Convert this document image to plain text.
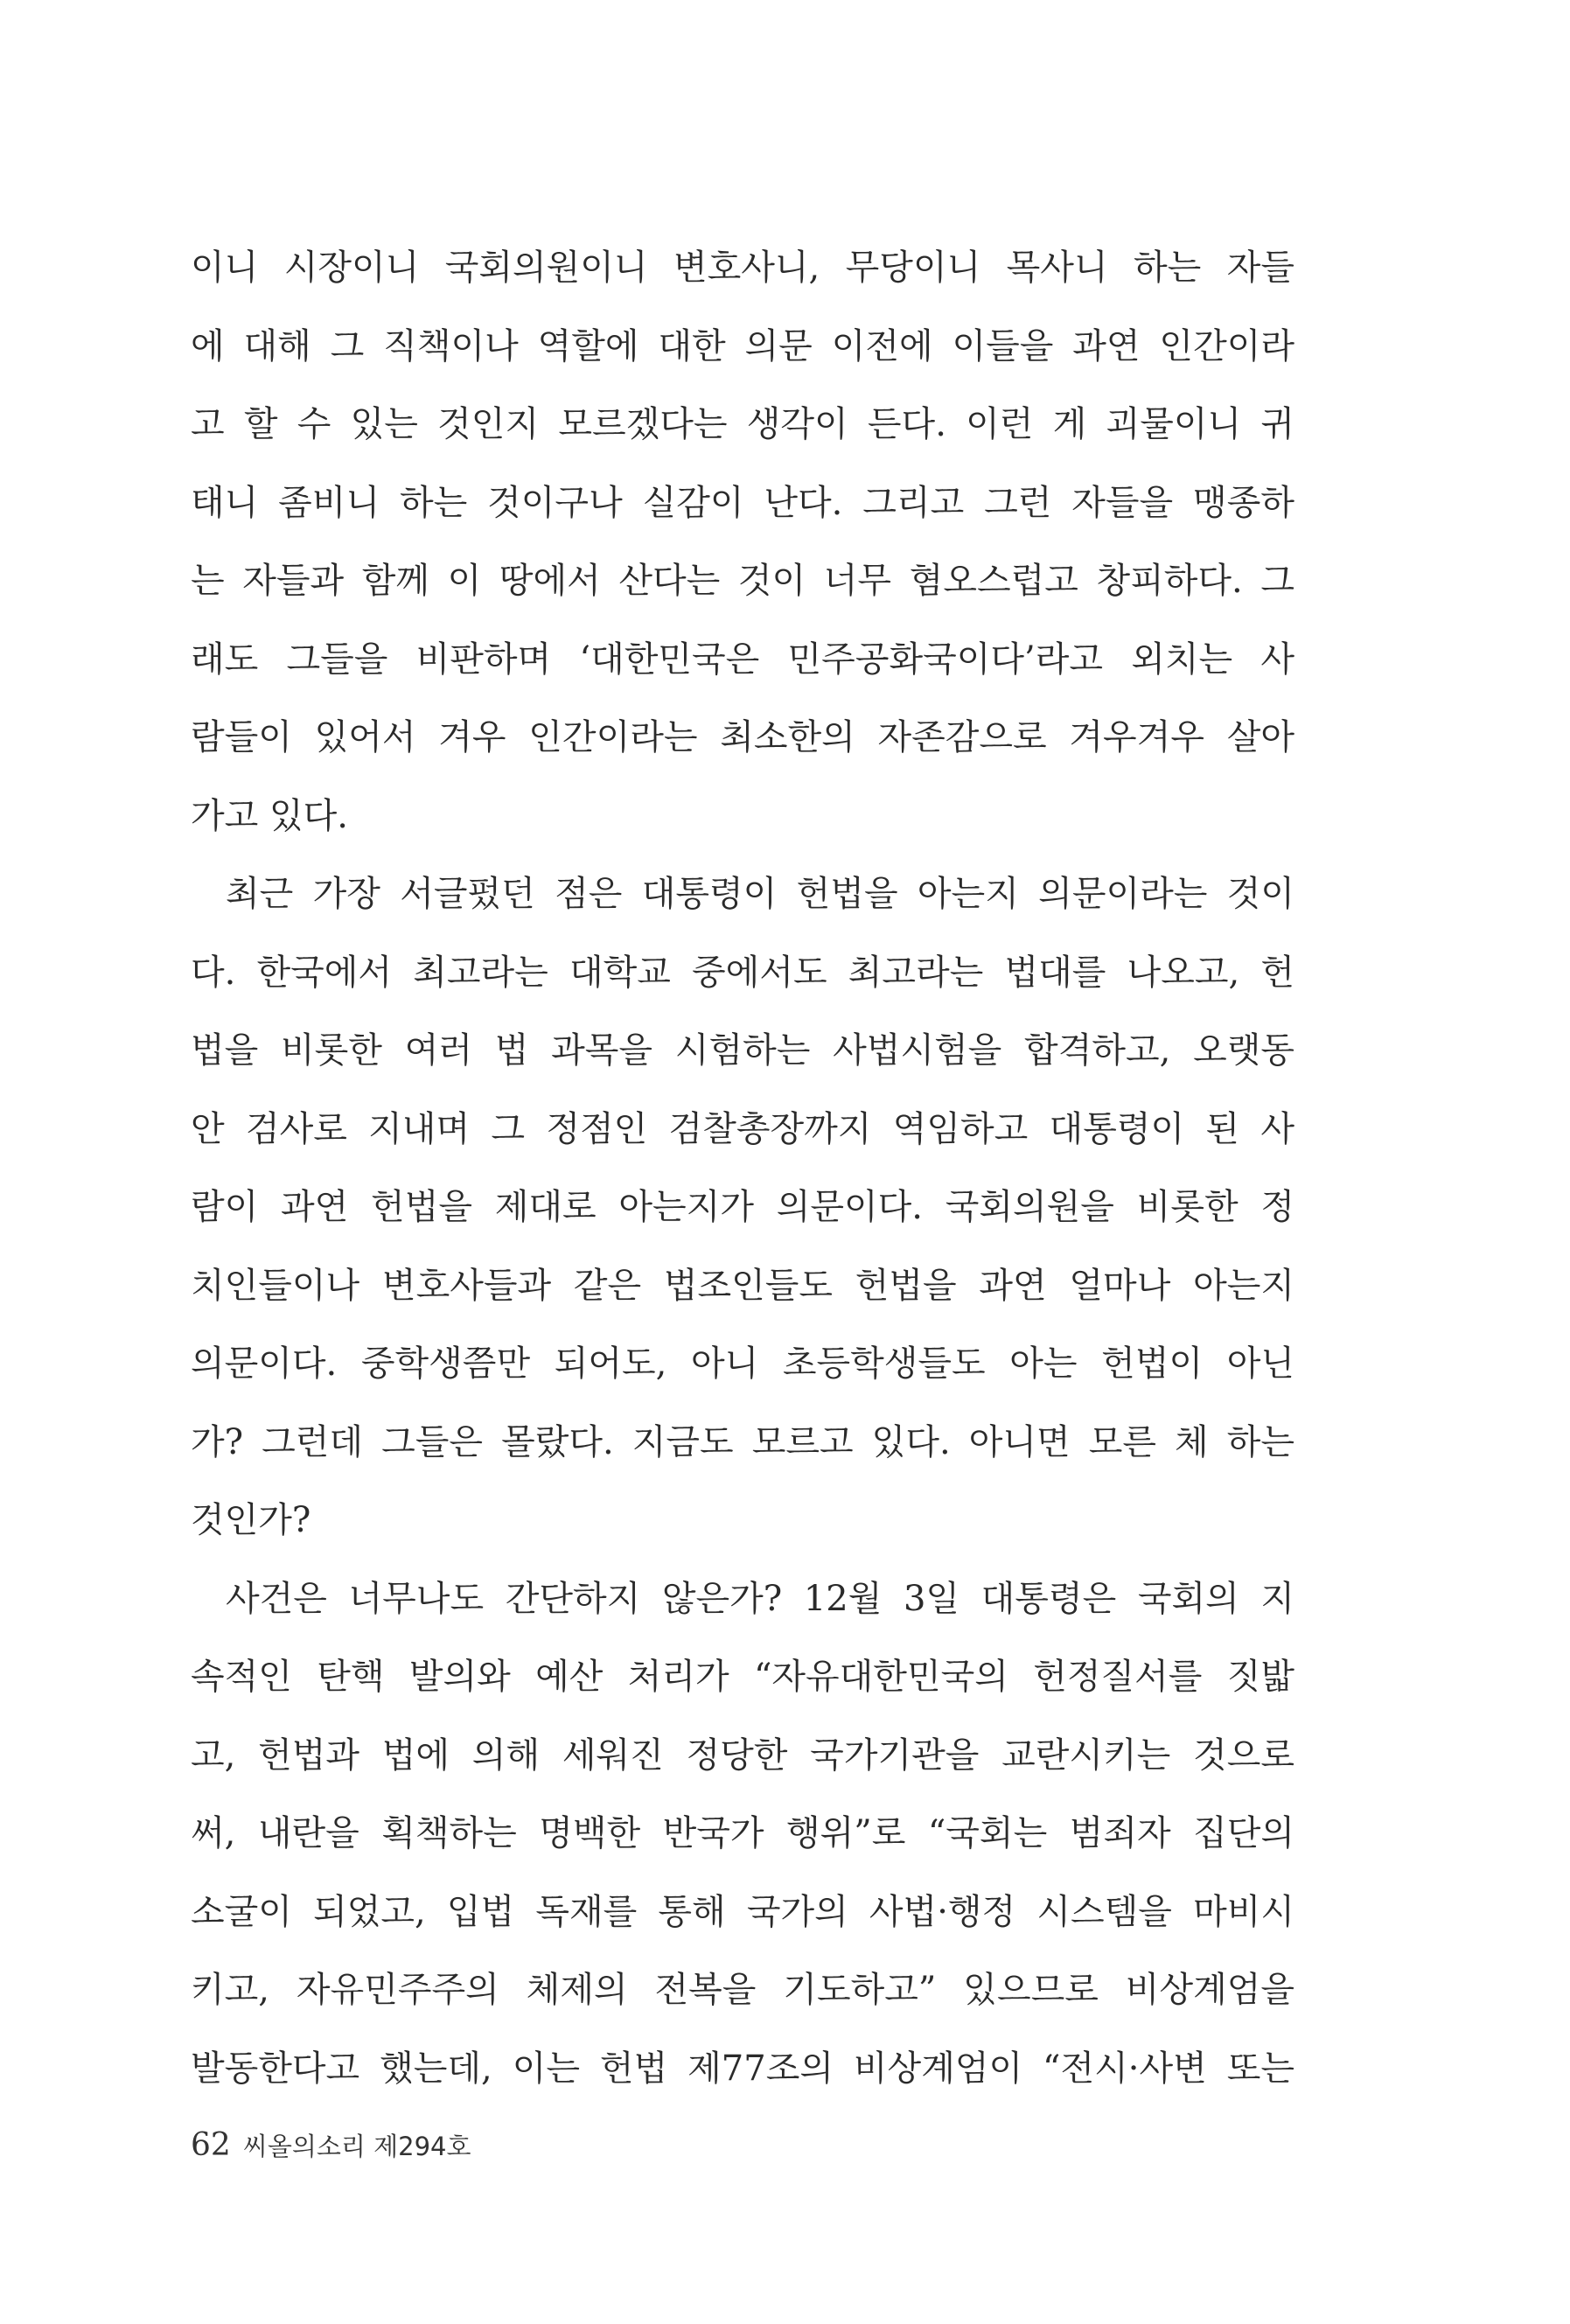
이니 시장이니 국회의원이니 변호사니, 무당이니 목사니 하는 자들
에 대해 그 직책이나 역할에 대한 의문 이전에 이들을 과연 인간이라
고 할 수 있는 것인지 모르겠다는 생각이 든다. 이런 게 괴물이니 귀
태니 좀비니 하는 것이구나 실감이 난다. 그리고 그런 자들을 맹종하
는 자들과 함께 이 땅에서 산다는 것이 너무 혐오스럽고 창피하다. 그
래도 그들을 비판하며 ‘대한민국은 민주공화국이다’라고 외치는 사
람들이 있어서 겨우 인간이라는 최소한의 자존감으로 겨우겨우 살아
가고 있다.
최근 가장 서글펐던 점은 대통령이 헌법을 아는지 의문이라는 것이
다. 한국에서 최고라는 대학교 중에서도 최고라는 법대를 나오고, 헌
법을 비롯한 여러 법 과목을 시험하는 사법시험을 합격하고, 오랫동
안 검사로 지내며 그 정점인 검찰총장까지 역임하고 대통령이 된 사
람이 과연 헌법을 제대로 아는지가 의문이다. 국회의원을 비롯한 정
치인들이나 변호사들과 같은 법조인들도 헌법을 과연 얼마나 아는지
의문이다. 중학생쯤만 되어도, 아니 초등학생들도 아는 헌법이 아닌
가? 그런데 그들은 몰랐다. 지금도 모르고 있다. 아니면 모른 체 하는
것인가?
사건은 너무나도 간단하지 않은가? 12월 3일 대통령은 국회의 지
속적인 탄핵 발의와 예산 처리가 “자유대한민국의 헌정질서를 짓밟
고, 헌법과 법에 의해 세워진 정당한 국가기관을 교란시키는 것으로
써, 내란을 획책하는 명백한 반국가 행위”로 “국회는 범죄자 집단의
소굴이 되었고, 입법 독재를 통해 국가의 사법·행정 시스템을 마비시
키고, 자유민주주의 체제의 전복을 기도하고” 있으므로 비상계엄을
발동한다고 했는데, 이는 헌법 제77조의 비상계엄이 “전시·사변 또는
62 씨올의소리 제294호
